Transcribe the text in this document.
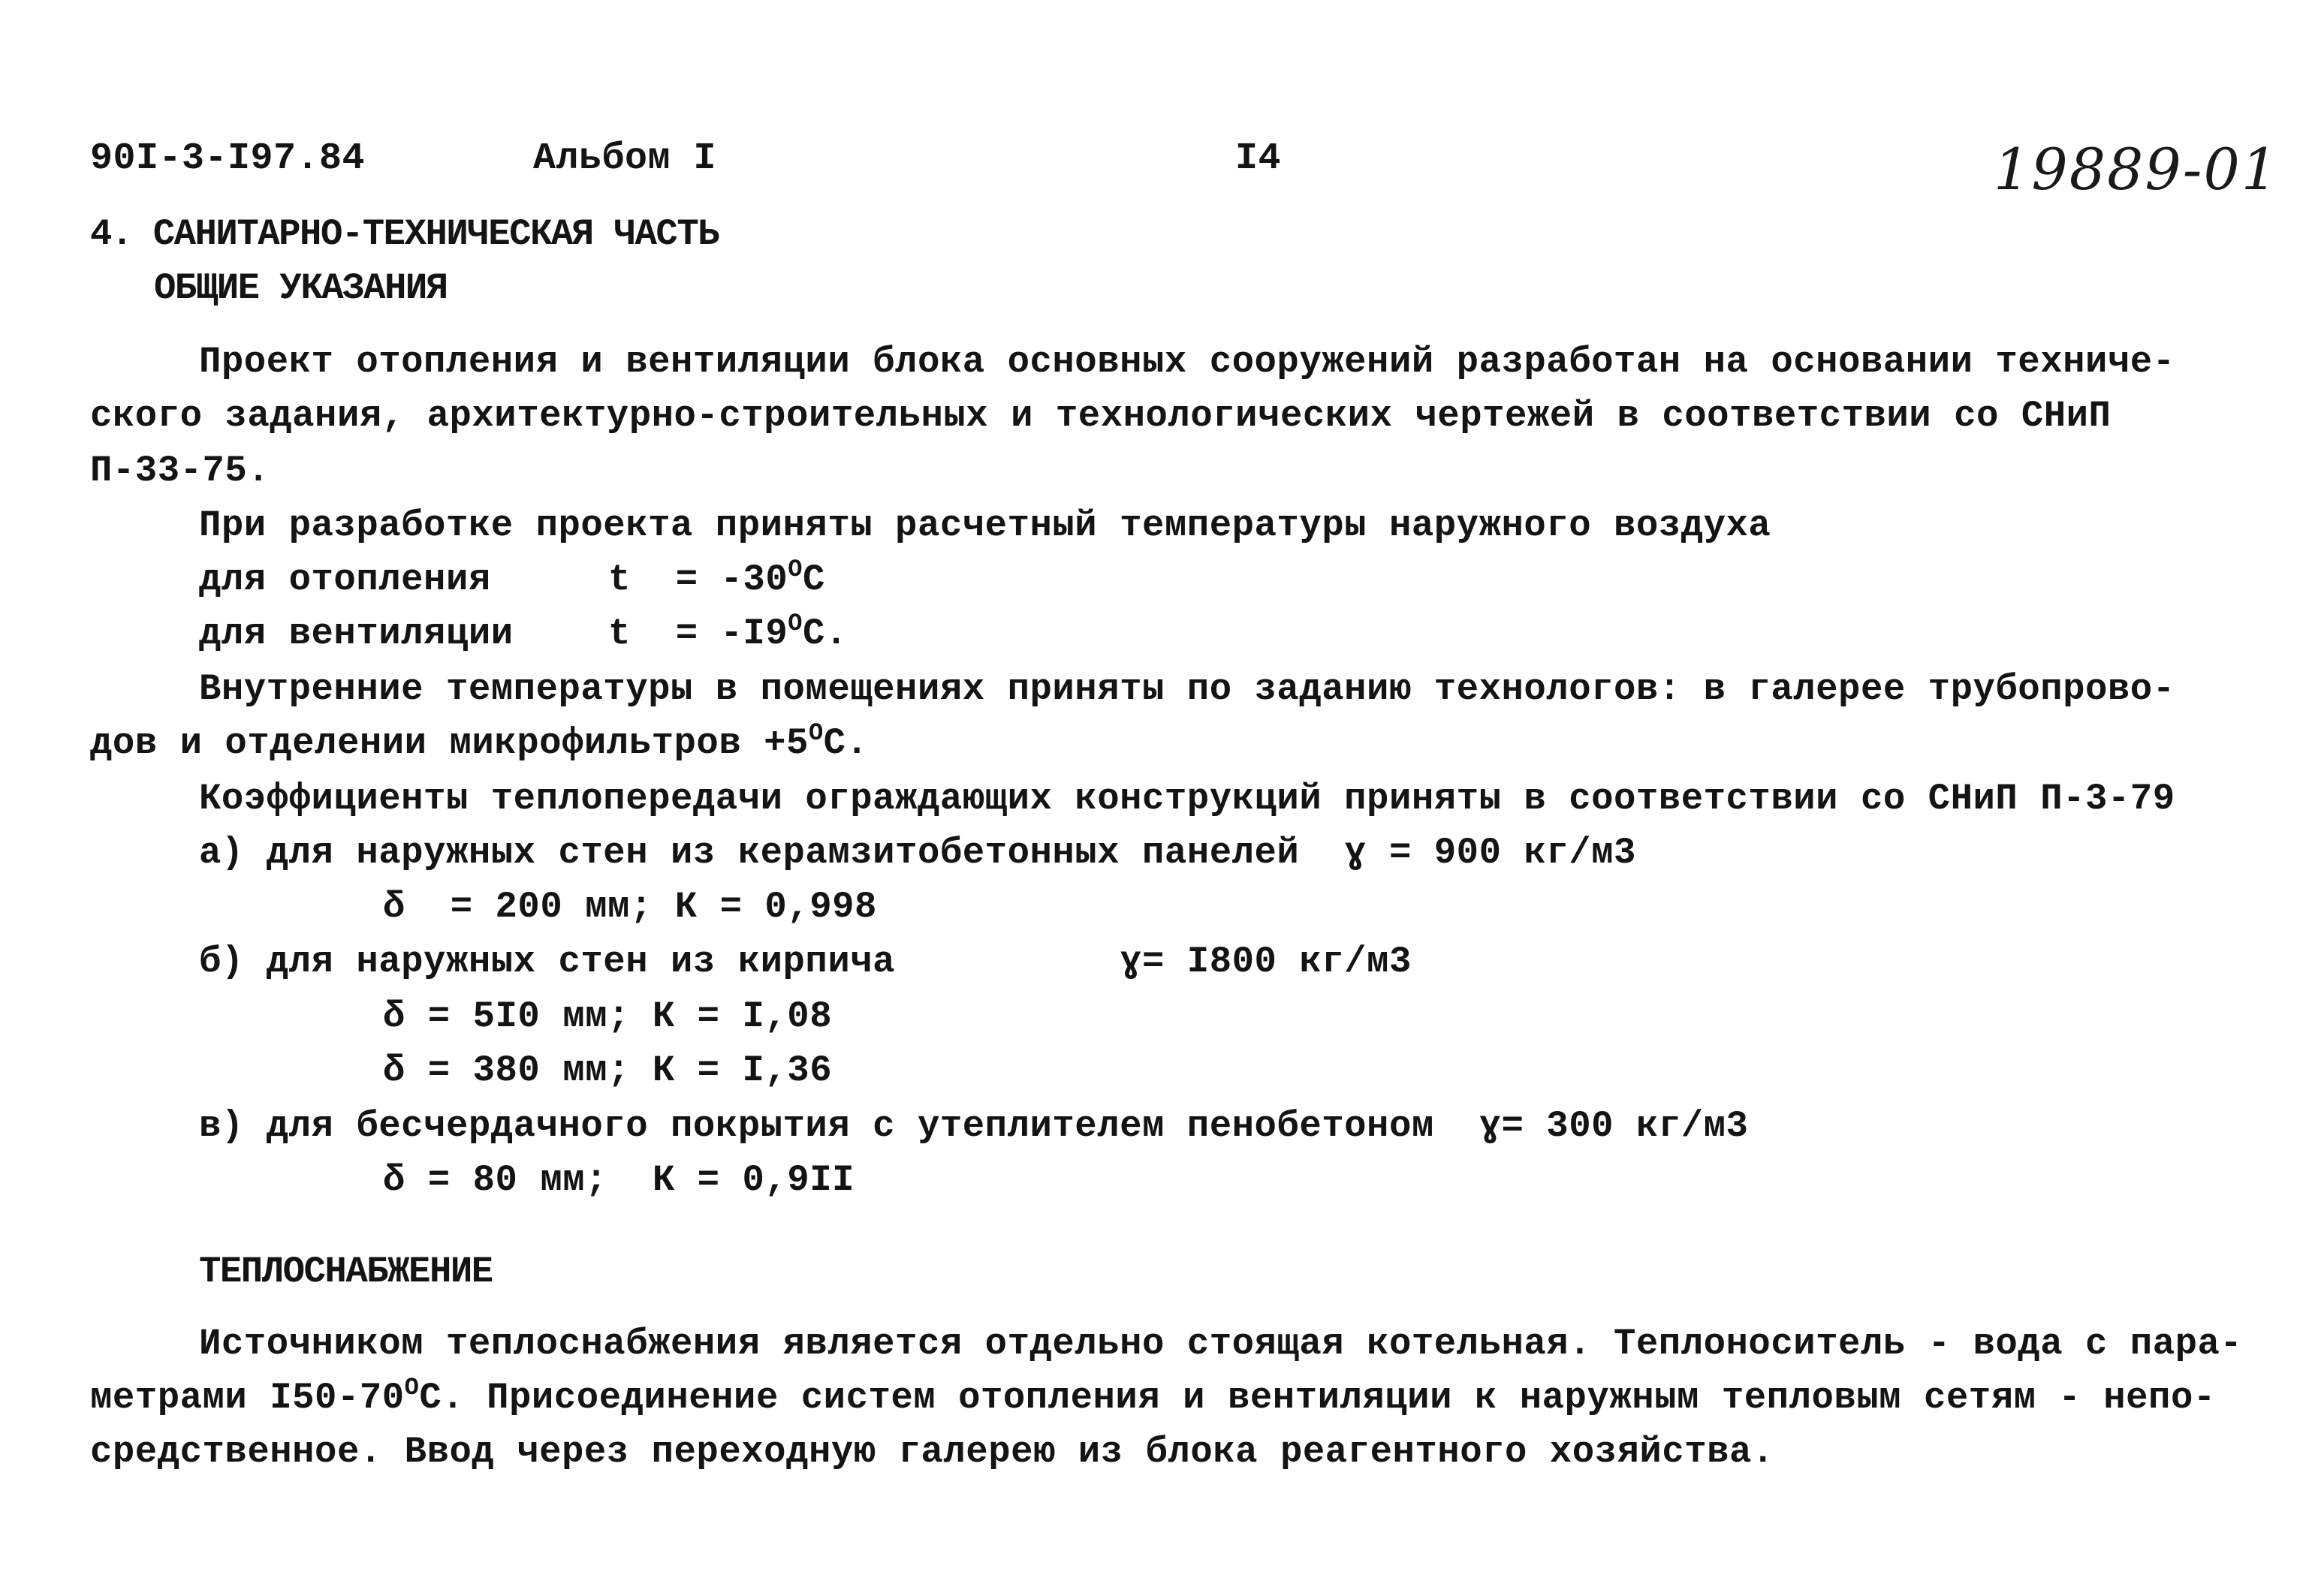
90I-3-I97.84	Альбом I	I4	19889-01
4. САНИТАРНО-ТЕХНИЧЕСКАЯ ЧАСТЬ
ОБЩИЕ УКАЗАНИЯ
Проект отопления и вентиляции блока основных сооружений разработан на основании техниче-
ского задания, архитектурно-строительных и технологических чертежей в соответствии со СНиП
П-33-75.
При разработке проекта приняты расчетный температуры наружного воздуха
для отопления	$t = -30^OС$
для вентиляции	$t = -I9^OС$.
Внутренние температуры в помещениях приняты по заданию технологов: в галерее трубопрово-
дов и отделении микрофильтров $+5^OС$.
Коэффициенты теплопередачи ограждающих конструкций приняты в соответствии со СНиП П-3-79
а) для наружных стен из керамзитобетонных панелей  ɣ = 900 кг/м3
δ  = 200 мм; К = 0,998
б) для наружных стен из кирпича          ɣ= I800 кг/м3
δ = 5I0 мм; К = I,08
δ = 380 мм; К = I,36
в) для бесчердачного покрытия с утеплителем пенобетоном  ɣ= 300 кг/м3
δ = 80 мм;  К = 0,9II
ТЕПЛОСНАБЖЕНИЕ
Источником теплоснабжения является отдельно стоящая котельная. Теплоноситель - вода с пара-
метрами $I50-70^OС$. Присоединение систем отопления и вентиляции к наружным тепловым сетям - непо-
средственное. Ввод через переходную галерею из блока реагентного хозяйства.
